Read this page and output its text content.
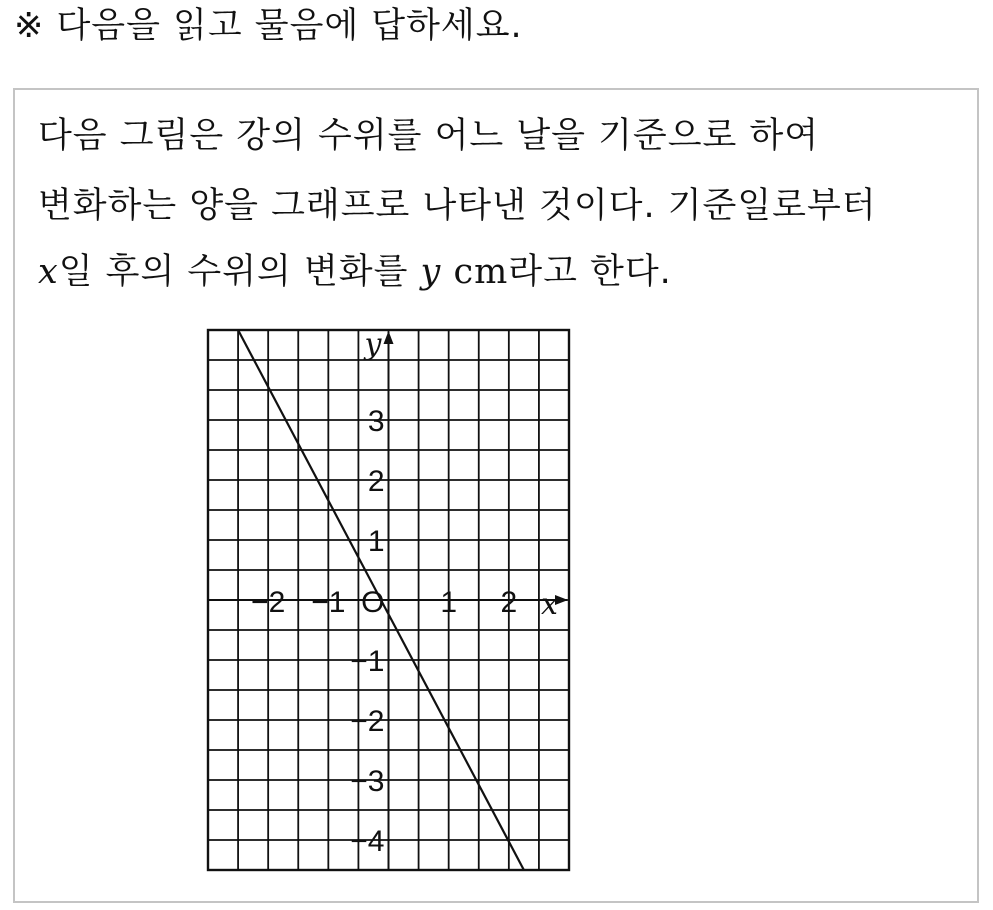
※ 다음을 읽고 물음에 답하세요.
다음 그림은 강의 수위를 어느 날을 기준으로 하여
변화하는 양을 그래프로 나타낸 것이다. 기준일로부터
x일 후의 수위의 변화를 y cm라고 한다.
−2 −1	1 2
3
2
1
−1
−2
−3
−4
O	x
y
